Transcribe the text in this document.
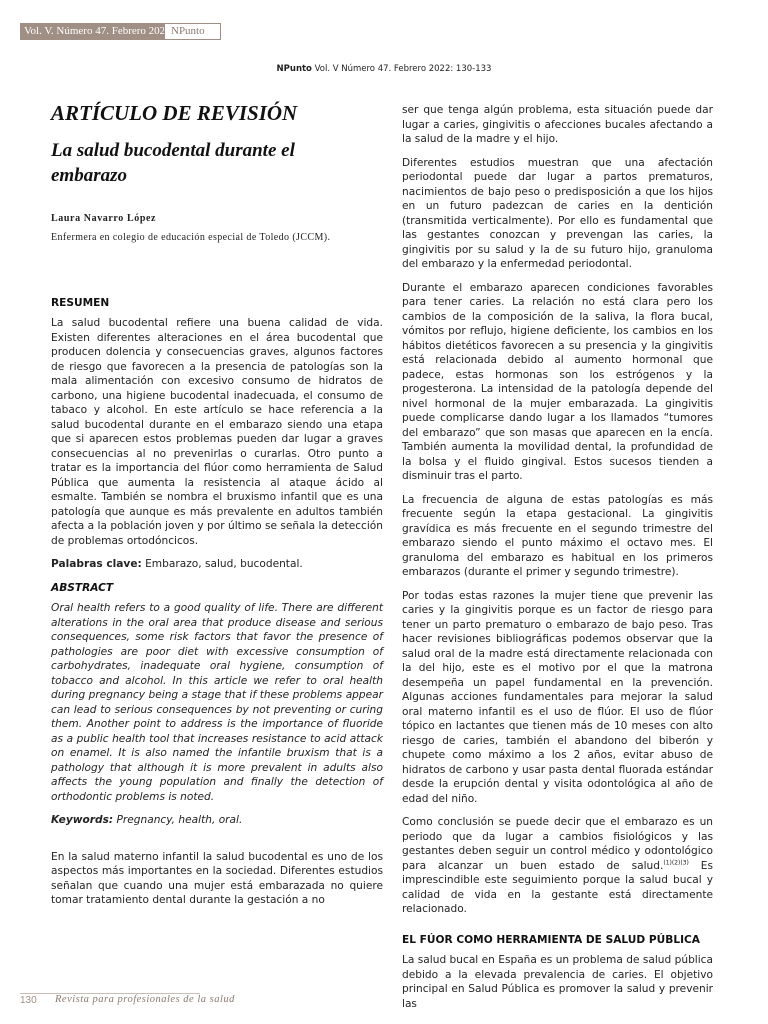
Vol. V. Número 47. Febrero 2022 NPunto
NPunto Vol. V Número 47. Febrero 2022: 130-133
ARTÍCULO DE REVISIÓN
La salud bucodental durante el embarazo
Laura Navarro López
Enfermera en colegio de educación especial de Toledo (JCCM).
RESUMEN

La salud bucodental refiere una buena calidad de vida. Existen diferentes alteraciones en el área bucodental que producen dolencia y consecuencias graves, algunos factores de riesgo que favorecen a la presencia de patologías son la mala alimentación con excesivo consumo de hidratos de carbono, una higiene bucodental inadecuada, el consumo de tabaco y alcohol. En este artículo se hace referencia a la salud bucodental durante en el embarazo siendo una etapa que si aparecen estos problemas pueden dar lugar a graves consecuencias al no prevenirlas o curarlas. Otro punto a tratar es la importancia del flúor como herramienta de Salud Pública que aumenta la resistencia al ataque ácido al esmalte. También se nombra el bruxismo infantil que es una patología que aunque es más prevalente en adultos también afecta a la población joven y por último se señala la detección de problemas ortodóncicos.

Palabras clave: Embarazo, salud, bucodental.

ABSTRACT

Oral health refers to a good quality of life. There are different alterations in the oral area that produce disease and serious consequences, some risk factors that favor the presence of pathologies are poor diet with excessive consumption of carbohydrates, inadequate oral hygiene, consumption of tobacco and alcohol. In this article we refer to oral health during pregnancy being a stage that if these problems appear can lead to serious consequences by not preventing or curing them. Another point to address is the importance of fluoride as a public health tool that increases resistance to acid attack on enamel. It is also named the infantile bruxism that is a pathology that although it is more prevalent in adults also affects the young population and finally the detection of orthodontic problems is noted.

Keywords: Pregnancy, health, oral.

En la salud materno infantil la salud bucodental es uno de los aspectos más importantes en la sociedad. Diferentes estudios señalan que cuando una mujer está embarazada no quiere tomar tratamiento dental durante la gestación a no

ser que tenga algún problema, esta situación puede dar lugar a caries, gingivitis o afecciones bucales afectando a la salud de la madre y el hijo.

Diferentes estudios muestran que una afectación periodontal puede dar lugar a partos prematuros, nacimientos de bajo peso o predisposición a que los hijos en un futuro padezcan de caries en la dentición (transmitida verticalmente). Por ello es fundamental que las gestantes conozcan y prevengan las caries, la gingivitis por su salud y la de su futuro hijo, granuloma del embarazo y la enfermedad periodontal.

Durante el embarazo aparecen condiciones favorables para tener caries. La relación no está clara pero los cambios de la composición de la saliva, la flora bucal, vómitos por reflujo, higiene deficiente, los cambios en los hábitos dietéticos favorecen a su presencia y la gingivitis está relacionada debido al aumento hormonal que padece, estas hormonas son los estrógenos y la progesterona. La intensidad de la patología depende del nivel hormonal de la mujer embarazada. La gingivitis puede complicarse dando lugar a los llamados “tumores del embarazo” que son masas que aparecen en la encía. También aumenta la movilidad dental, la profundidad de la bolsa y el fluido gingival. Estos sucesos tienden a disminuir tras el parto.

La frecuencia de alguna de estas patologías es más frecuente según la etapa gestacional. La gingivitis gravídica es más frecuente en el segundo trimestre del embarazo siendo el punto máximo el octavo mes. El granuloma del embarazo es habitual en los primeros embarazos (durante el primer y segundo trimestre).

Por todas estas razones la mujer tiene que prevenir las caries y la gingivitis porque es un factor de riesgo para tener un parto prematuro o embarazo de bajo peso. Tras hacer revisiones bibliográficas podemos observar que la salud oral de la madre está directamente relacionada con la del hijo, este es el motivo por el que la matrona desempeña un papel fundamental en la prevención. Algunas acciones fundamentales para mejorar la salud oral materno infantil es el uso de flúor. El uso de flúor tópico en lactantes que tienen más de 10 meses con alto riesgo de caries, también el abandono del biberón y chupete como máximo a los 2 años, evitar abuso de hidratos de carbono y usar pasta dental fluorada estándar desde la erupción dental y visita odontológica al año de edad del niño.

Como conclusión se puede decir que el embarazo es un periodo que da lugar a cambios fisiológicos y las gestantes deben seguir un control médico y odontológico para alcanzar un buen estado de salud.$^{(1)(2)(3)}$ Es imprescindible este seguimiento porque la salud bucal y calidad de vida en la gestante está directamente relacionado.

EL FÚOR COMO HERRAMIENTA DE SALUD PÚBLICA

La salud bucal en España es un problema de salud pública debido a la elevada prevalencia de caries. El objetivo principal en Salud Pública es promover la salud y prevenir las

130 Revista para profesionales de la salud
